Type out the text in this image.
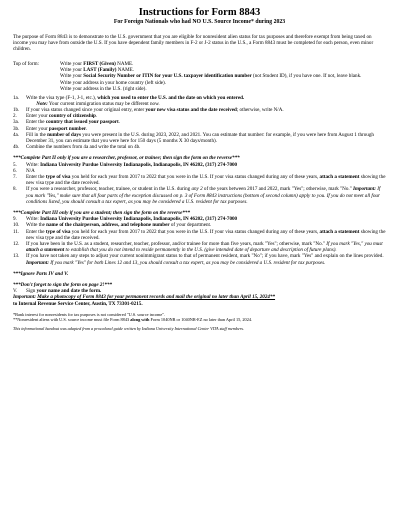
Instructions for Form 8843
For Foreign Nationals who had NO U.S. Source Income* during 2023
The purpose of Form 8843 is to demonstrate to the U.S. government that you are eligible for nonresident alien status for tax purposes and therefore exempt from being taxed on income you may have from outside the U.S. If you have dependent family members in F-2 or J-2 status in the U.S., a Form 8843 must be completed for each person, even minor children.
Top of form:	Write your FIRST (Given) NAME.
Write your LAST (Family) NAME.
Write your Social Security Number or ITIN for your U.S. taxpayer identification number (not Student ID), if you have one. If not, leave blank.
Write your address in your home country (left side).
Write your address in the U.S. (right side).
1a.	Write the visa type (F-1, J-1, etc.), which you used to enter the U.S. and the date on which you entered.
Note: Your current immigration status may be different now.
1b.	If your visa status changed since your original entry, enter your new visa status and the date received; otherwise, write N/A.
2.	Enter your country of citizenship.
3a.	Enter the country that issued your passport.
3b.	Enter your passport number.
4a.	Fill in the number of days you were present in the U.S. during 2023, 2022, and 2021. You can estimate that number: for example, if you were here from August 1 through December 31, you can estimate that you were here for 150 days (5 months X 30 days/month).
4b.	Combine the numbers from 4a and write the total on 4b.
***Complete Part II only if you are a researcher, professor, or trainee; then sign the form on the reverse***
5.	Write: Indiana University Purdue University Indianapolis, Indianapolis, IN 46202, (317) 274-7000
6.	N/A
7.	Enter the type of visa you held for each year from 2017 to 2022 that you were in the U.S. If your visa status changed during any of these years, attach a statement showing the new visa type and the date received.
8.	If you were a researcher, professor, teacher, trainee, or student in the U.S. during any 2 of the years between 2017 and 2022, mark "Yes"; otherwise, mark "No." Important: If you mark "Yes," make sure that all four parts of the exception discussed on p. 3 of Form 8843 instructions (bottom of second column) apply to you. If you do not meet all four conditions listed, you should consult a tax expert, as you may be considered a U.S. resident for tax purposes.
***Complete Part III only if you are a student; then sign the form on the reverse***
9.	Write: Indiana University Purdue University Indianapolis, Indianapolis, IN 46202, (317) 274-7000
10.	Write the name of the chairperson, address, and telephone number of your department.
11.	Enter the type of visa you held for each year from 2017 to 2022 that you were in the U.S. If your visa status changed during any of these years, attach a statement showing the new visa type and the date received.
12.	If you have been in the U.S. as a student, researcher, teacher, professor, and/or trainee for more than five years, mark "Yes"; otherwise, mark "No." If you mark "Yes," you must attach a statement to establish that you do not intend to reside permanently in the U.S. (give intended date of departure and description of future plans).
13.	If you have not taken any steps to adjust your current nonimmigrant status to that of permanent resident, mark "No"; if you have, mark "Yes" and explain on the lines provided. Important: If you mark "Yes" for both Lines 12 and 13, you should consult a tax expert, as you may be considered a U.S. resident for tax purposes.
***Ignore Parts IV and V.
***Don't forget to sign the form on page 2!***
V.	Sign your name and date the form.
Important: Make a photocopy of Form 8843 for your permanent records and mail the original no later than April 15, 2024**
to Internal Revenue Service Center, Austin, TX 73301-0215.
*Bank interest for nonresidents for tax purposes is not considered "U.S. source income".
**Nonresident aliens with U.S. source income must file Form 8843 along with Form 1040NR or 1040NR-EZ no later than April 15, 2024.
This informational handout was adapted from a procedural guide written by Indiana University International Center VITA staff members.
